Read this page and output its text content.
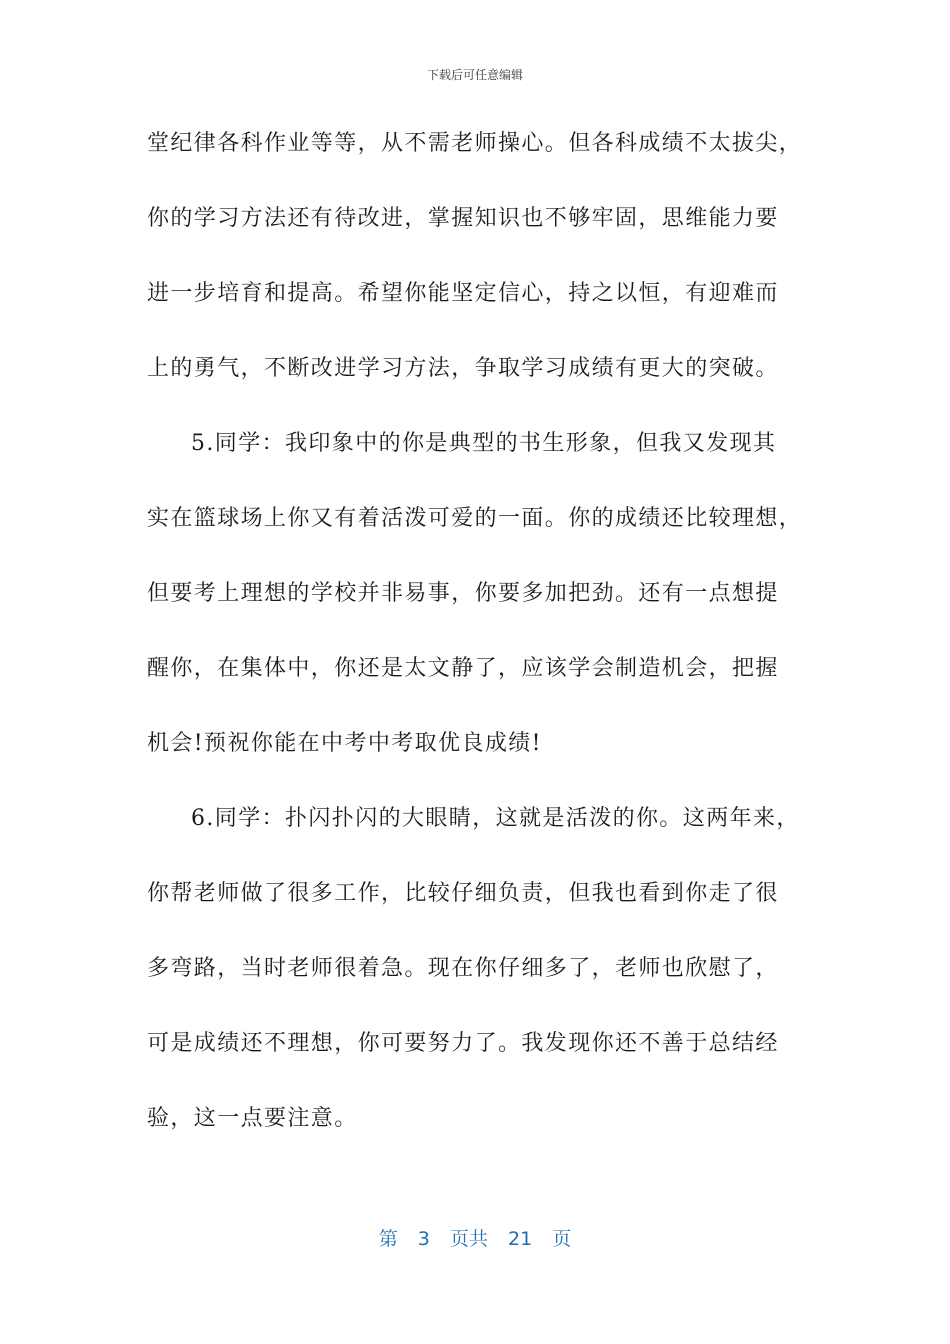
下载后可任意编辑
堂纪律各科作业等等，从不需老师操心。但各科成绩不太拔尖，
你的学习方法还有待改进，掌握知识也不够牢固，思维能力要
进一步培育和提高。希望你能坚定信心，持之以恒，有迎难而
上的勇气，不断改进学习方法，争取学习成绩有更大的突破。
5.同学：我印象中的你是典型的书生形象，但我又发现其
实在篮球场上你又有着活泼可爱的一面。你的成绩还比较理想，
但要考上理想的学校并非易事，你要多加把劲。还有一点想提
醒你，在集体中，你还是太文静了，应该学会制造机会，把握
机会!预祝你能在中考中考取优良成绩!
6.同学：扑闪扑闪的大眼睛，这就是活泼的你。这两年来，
你帮老师做了很多工作，比较仔细负责，但我也看到你走了很
多弯路，当时老师很着急。现在你仔细多了，老师也欣慰了，
可是成绩还不理想，你可要努力了。我发现你还不善于总结经
验，这一点要注意。
第 3 页共 21 页
